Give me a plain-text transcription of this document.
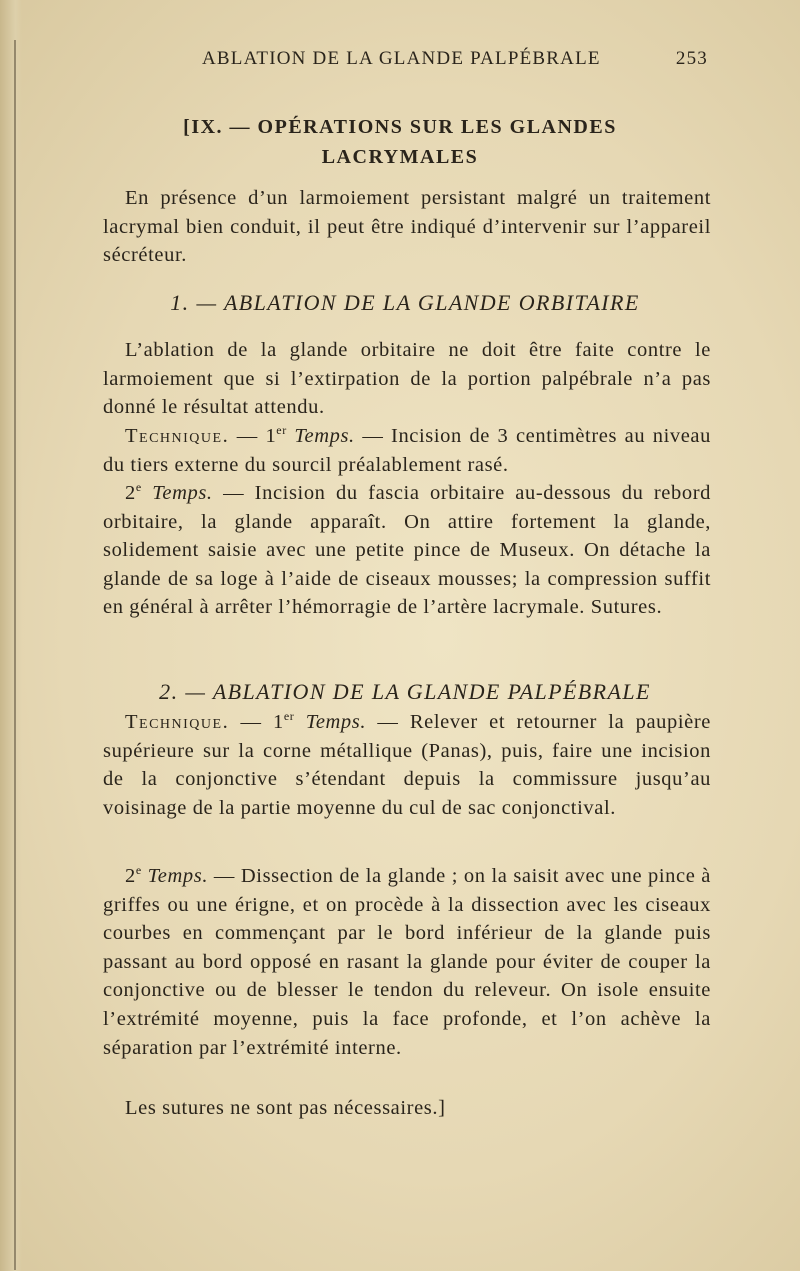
ABLATION DE LA GLANDE PALPÉBRALE	253
[IX. — OPÉRATIONS SUR LES GLANDES
LACRYMALES

En présence d’un larmoiement persistant malgré un traitement lacrymal bien conduit, il peut être indiqué d’intervenir sur l’appareil sécréteur.

1. — ABLATION DE LA GLANDE ORBITAIRE

L’ablation de la glande orbitaire ne doit être faite contre le larmoiement que si l’extirpation de la portion palpébrale n’a pas donné le résultat attendu.

Technique. — 1er Temps. — Incision de 3 centimètres au niveau du tiers externe du sourcil préalablement rasé.

2e Temps. — Incision du fascia orbitaire au-dessous du rebord orbitaire, la glande apparaît. On attire fortement la glande, solidement saisie avec une petite pince de Museux. On détache la glande de sa loge à l’aide de ciseaux mousses; la compression suffit en général à arrêter l’hémorragie de l’artère lacrymale. Sutures.

2. — ABLATION DE LA GLANDE PALPÉBRALE

Technique. — 1er Temps. — Relever et retourner la paupière supérieure sur la corne métallique (Panas), puis, faire une incision de la conjonctive s’étendant depuis la commissure jusqu’au voisinage de la partie moyenne du cul de sac conjonctival.

2e Temps. — Dissection de la glande ; on la saisit avec une pince à griffes ou une érigne, et on procède à la dissection avec les ciseaux courbes en commençant par le bord inférieur de la glande puis passant au bord opposé en rasant la glande pour éviter de couper la conjonctive ou de blesser le tendon du releveur. On isole ensuite l’extrémité moyenne, puis la face profonde, et l’on achève la séparation par l’extrémité interne.

Les sutures ne sont pas nécessaires.]
